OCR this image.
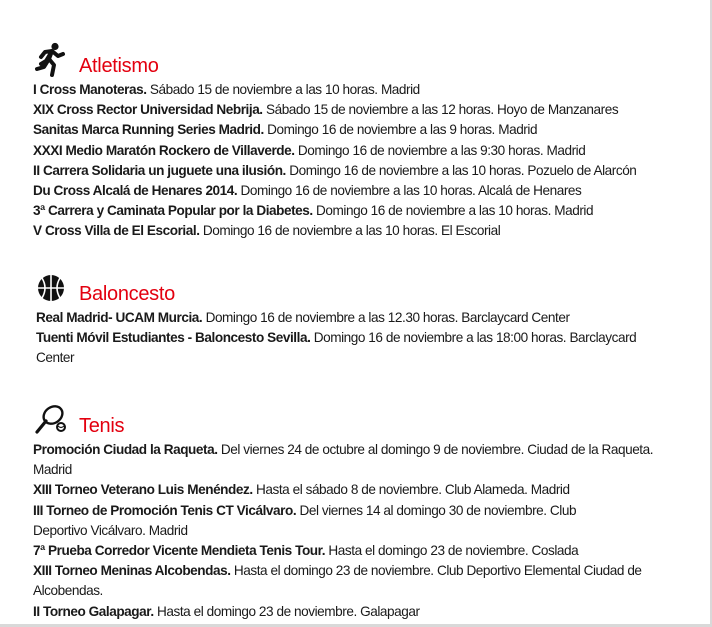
Atletismo
I Cross Manoteras. Sábado 15 de noviembre a las 10 horas. Madrid
XIX Cross Rector Universidad Nebrija. Sábado 15 de noviembre a las 12 horas. Hoyo de Manzanares
Sanitas Marca Running Series Madrid. Domingo 16 de noviembre a las 9 horas. Madrid
XXXI Medio Maratón Rockero de Villaverde. Domingo 16 de noviembre a las 9:30 horas. Madrid
II Carrera Solidaria un juguete una ilusión. Domingo 16 de noviembre a las 10 horas. Pozuelo de Alarcón
Du Cross Alcalá de Henares 2014. Domingo 16 de noviembre a las 10 horas. Alcalá de Henares
3ª Carrera y Caminata Popular por la Diabetes. Domingo 16 de noviembre a las 10 horas. Madrid
V Cross Villa de El Escorial. Domingo 16 de noviembre a las 10 horas. El Escorial
Baloncesto
Real Madrid- UCAM Murcia. Domingo 16 de noviembre a las 12.30 horas. Barclaycard Center
Tuenti Móvil Estudiantes - Baloncesto Sevilla. Domingo 16 de noviembre a las 18:00 horas. Barclaycard Center
Tenis
Promoción Ciudad la Raqueta. Del viernes 24 de octubre al domingo 9 de noviembre. Ciudad de la Raqueta. Madrid
XIII Torneo Veterano Luis Menéndez. Hasta el sábado 8 de noviembre. Club Alameda. Madrid
III Torneo de Promoción Tenis CT Vicálvaro. Del viernes 14 al domingo 30 de noviembre. Club Deportivo Vicálvaro. Madrid
7ª Prueba Corredor Vicente Mendieta Tenis Tour. Hasta el domingo 23 de noviembre. Coslada
XIII Torneo Meninas Alcobendas. Hasta el domingo 23 de noviembre. Club Deportivo Elemental Ciudad de Alcobendas.
II Torneo Galapagar. Hasta el domingo 23 de noviembre. Galapagar
